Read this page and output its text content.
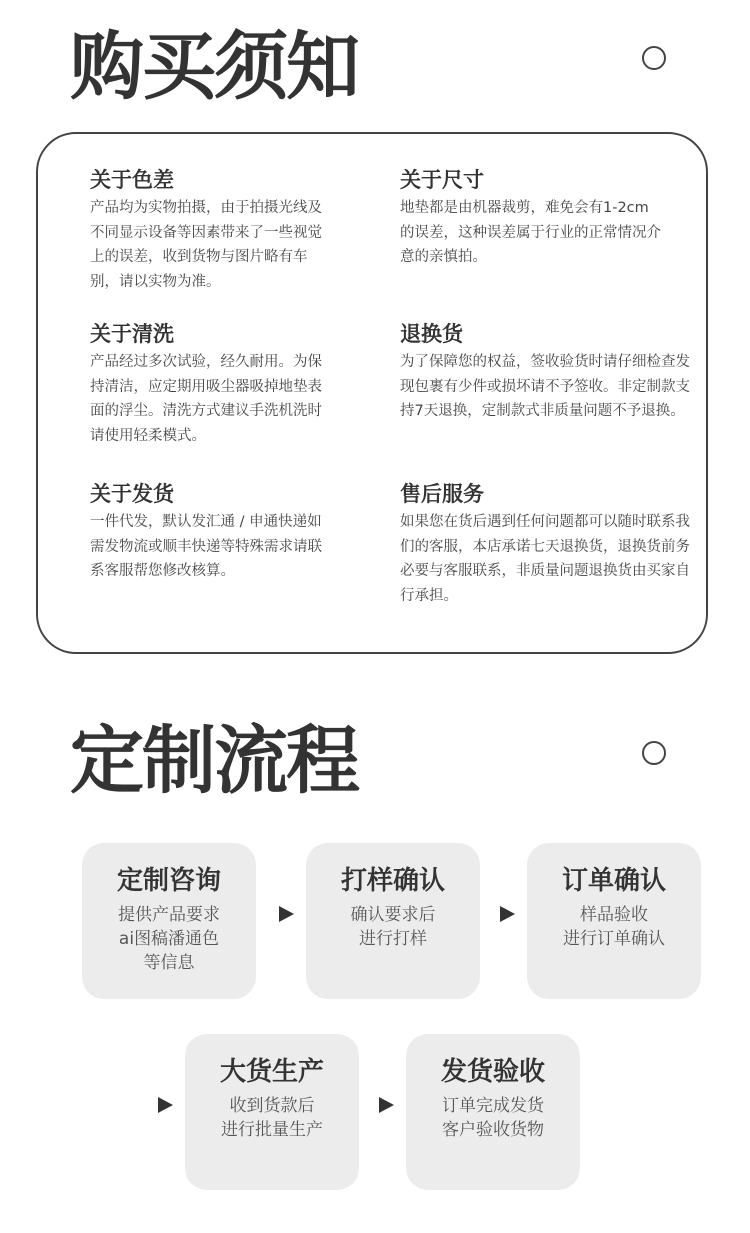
购买须知
关于色差
产品均为实物拍摄，由于拍摄光线及不同显示设备等因素带来了一些视觉上的误差，收到货物与图片略有车别，请以实物为准。
关于尺寸
地垫都是由机器裁剪，难免会有1-2cm的误差，这种误差属于行业的正常情况介意的亲慎拍。
关于清洗
产品经过多次试验，经久耐用。为保持清洁，应定期用吸尘器吸掉地垫表面的浮尘。清洗方式建议手洗机洗时请使用轻柔模式。
退换货
为了保障您的权益，签收验货时请仔细检查发现包裹有少件或损坏请不予签收。非定制款支持7天退换，定制款式非质量问题不予退换。
关于发货
一件代发，默认发汇通 / 申通快递如需发物流或顺丰快递等特殊需求请联系客服帮您修改核算。
售后服务
如果您在货后遇到任何问题都可以随时联系我们的客服，本店承诺七天退换货，退换货前务必要与客服联系，非质量问题退换货由买家自行承担。
定制流程
定制咨询
提供产品要求
ai图稿潘通色
等信息
打样确认
确认要求后
进行打样
订单确认
样品验收
进行订单确认
大货生产
收到货款后
进行批量生产
发货验收
订单完成发货
客户验收货物
